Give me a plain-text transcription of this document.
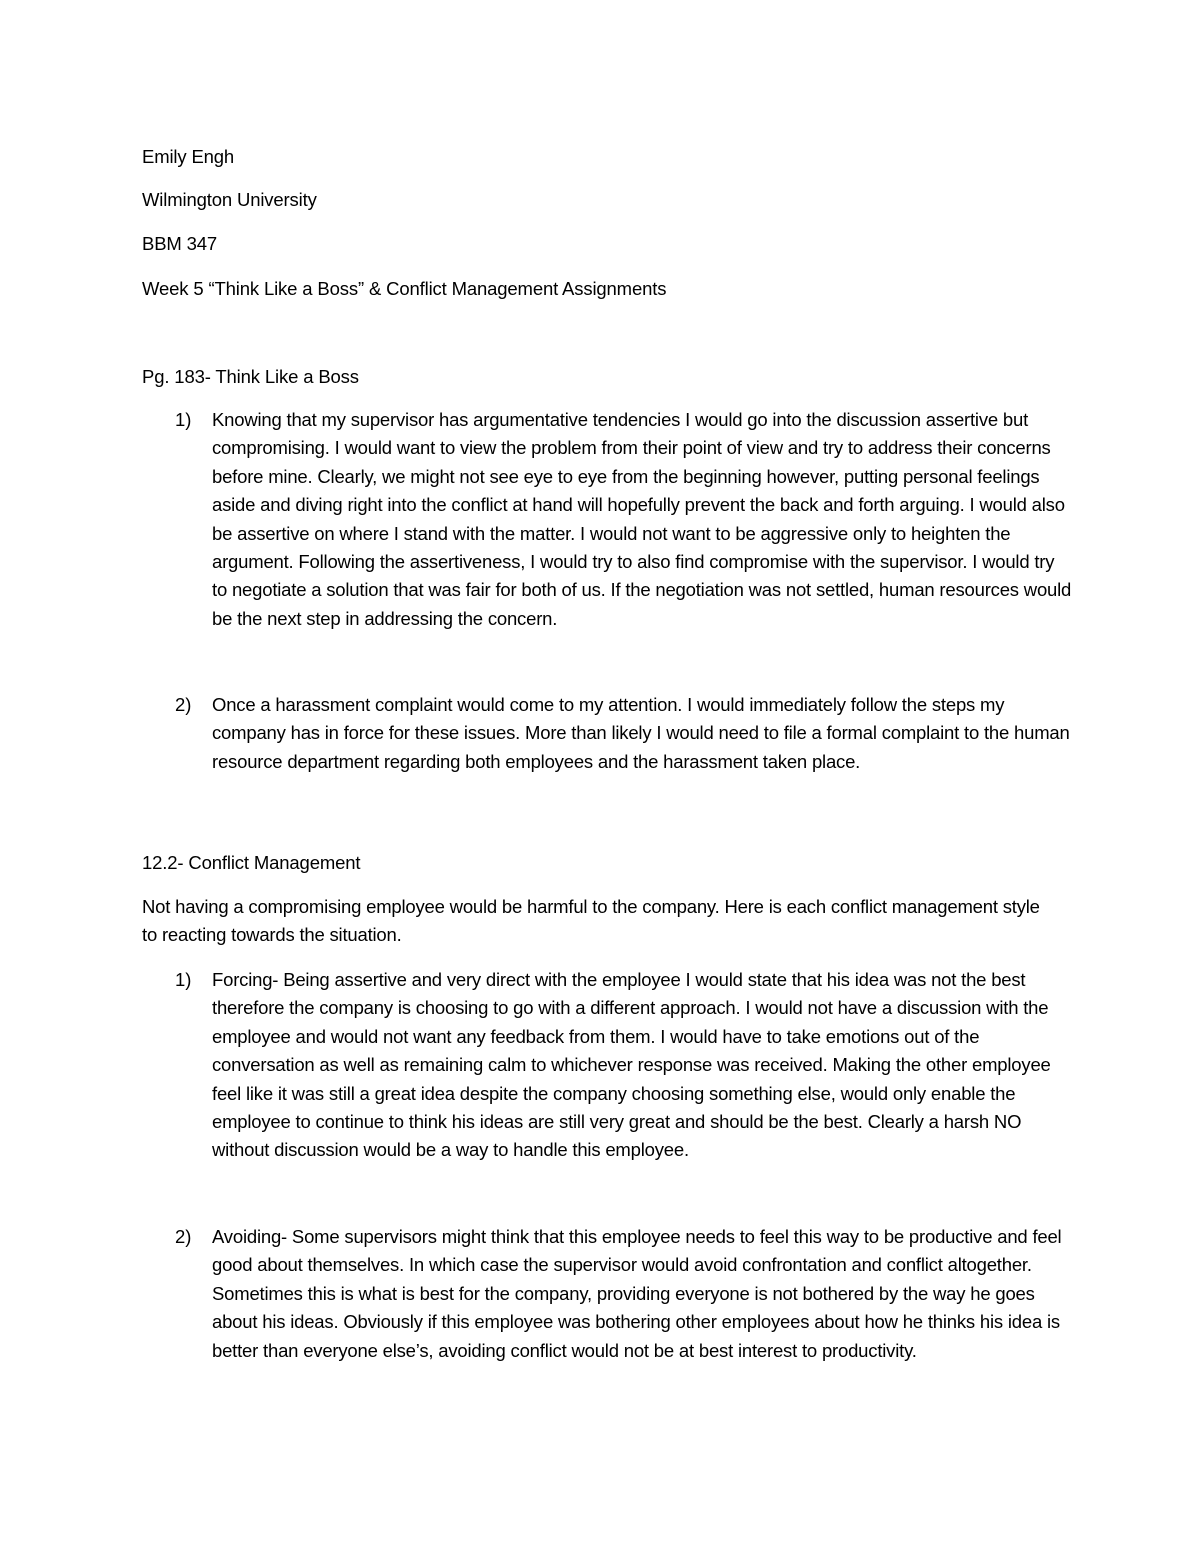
Emily Engh
Wilmington University
BBM 347
Week 5 “Think Like a Boss” & Conflict Management Assignments
Pg. 183- Think Like a Boss
1) Knowing that my supervisor has argumentative tendencies I would go into the discussion assertive but compromising. I would want to view the problem from their point of view and try to address their concerns before mine. Clearly, we might not see eye to eye from the beginning however, putting personal feelings aside and diving right into the conflict at hand will hopefully prevent the back and forth arguing. I would also be assertive on where I stand with the matter. I would not want to be aggressive only to heighten the argument. Following the assertiveness, I would try to also find compromise with the supervisor. I would try to negotiate a solution that was fair for both of us. If the negotiation was not settled, human resources would be the next step in addressing the concern.
2) Once a harassment complaint would come to my attention. I would immediately follow the steps my company has in force for these issues. More than likely I would need to file a formal complaint to the human resource department regarding both employees and the harassment taken place.
12.2- Conflict Management
Not having a compromising employee would be harmful to the company. Here is each conflict management style to reacting towards the situation.
1) Forcing- Being assertive and very direct with the employee I would state that his idea was not the best therefore the company is choosing to go with a different approach. I would not have a discussion with the employee and would not want any feedback from them. I would have to take emotions out of the conversation as well as remaining calm to whichever response was received. Making the other employee feel like it was still a great idea despite the company choosing something else, would only enable the employee to continue to think his ideas are still very great and should be the best. Clearly a harsh NO without discussion would be a way to handle this employee.
2) Avoiding- Some supervisors might think that this employee needs to feel this way to be productive and feel good about themselves. In which case the supervisor would avoid confrontation and conflict altogether. Sometimes this is what is best for the company, providing everyone is not bothered by the way he goes about his ideas. Obviously if this employee was bothering other employees about how he thinks his idea is better than everyone else’s, avoiding conflict would not be at best interest to productivity.
